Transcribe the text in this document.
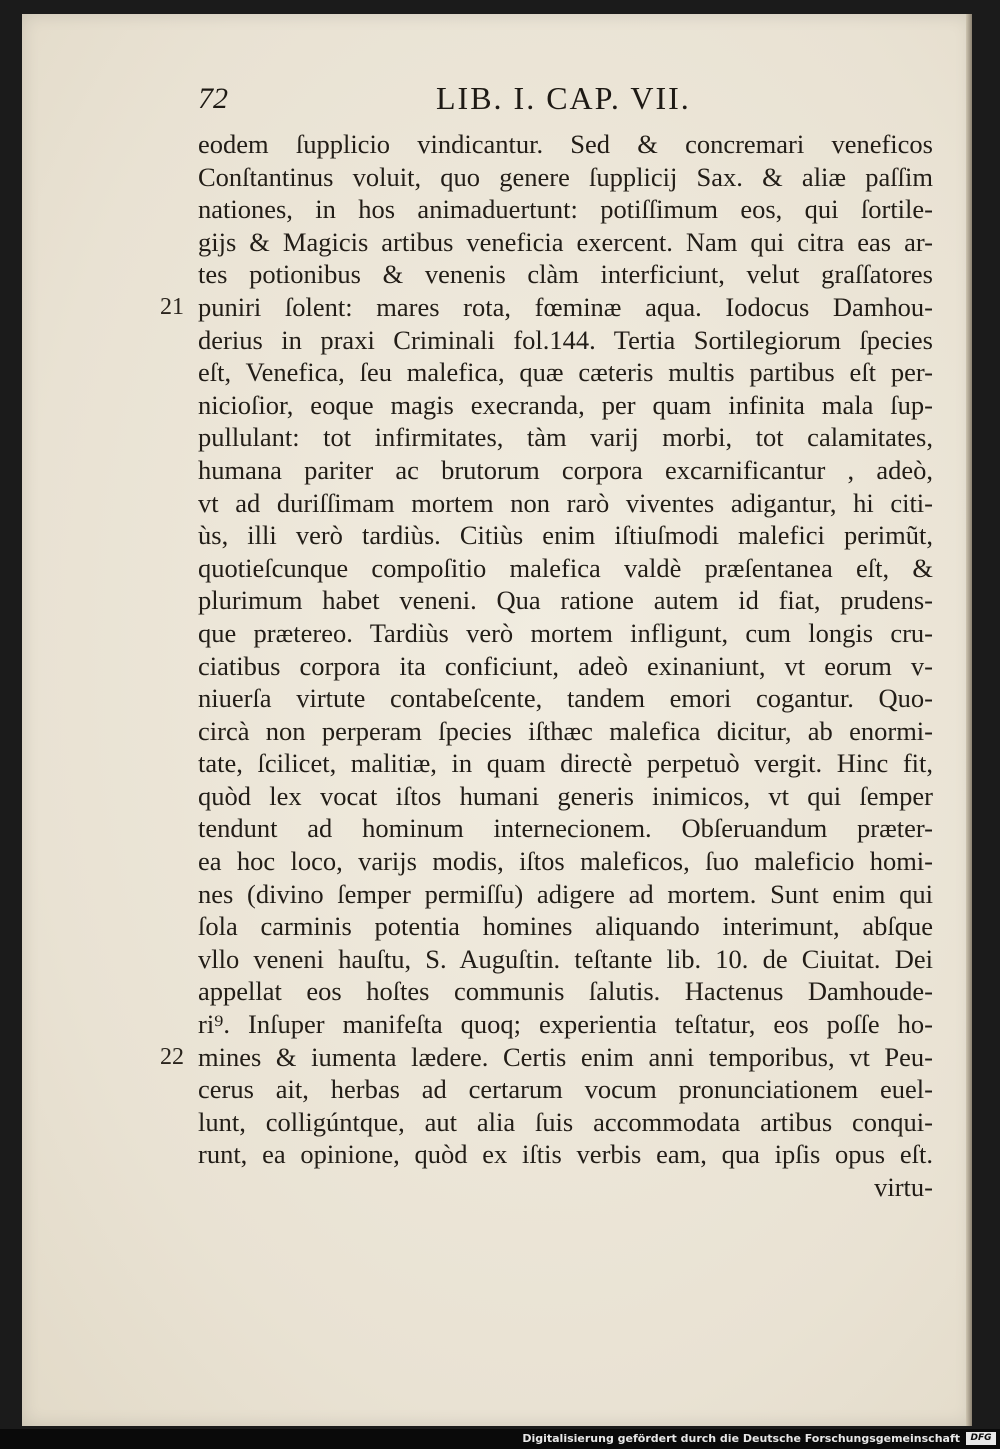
72	LIB. I. CAP. VII.
eodem ſupplicio vindicantur. Sed & concremari veneficos
Conſtantinus voluit, quo genere ſupplicij Sax. & aliæ paſſim
nationes, in hos animaduertunt: potiſſimum eos, qui ſortile-
gijs & Magicis artibus veneficia exercent. Nam qui citra eas ar-
tes potionibus & venenis clàm interficiunt, velut graſſatores
puniri ſolent: mares rota, fœminæ aqua. Iodocus Damhou-
21
derius in praxi Criminali fol.144. Tertia Sortilegiorum ſpecies
eſt, Venefica, ſeu malefica, quæ cæteris multis partibus eſt per-
nicioſior, eoque magis execranda, per quam infinita mala ſup-
pullulant: tot infirmitates, tàm varij morbi, tot calamitates,
humana pariter ac brutorum corpora excarnificantur , adeò,
vt ad duriſſimam mortem non rarò viventes adigantur, hi citi-
ùs, illi verò tardiùs. Citiùs enim iſtiuſmodi malefici perimũt,
quotieſcunque compoſitio malefica valdè præſentanea eſt, &
plurimum habet veneni. Qua ratione autem id fiat, prudens-
que prætereo. Tardiùs verò mortem infligunt, cum longis cru-
ciatibus corpora ita conficiunt, adeò exinaniunt, vt eorum v-
niuerſa virtute contabeſcente, tandem emori cogantur. Quo-
circà non perperam ſpecies iſthæc malefica dicitur, ab enormi-
tate, ſcilicet, malitiæ, in quam directè perpetuò vergit. Hinc fit,
quòd lex vocat iſtos humani generis inimicos, vt qui ſemper
tendunt ad hominum internecionem. Obſeruandum præter-
ea hoc loco, varijs modis, iſtos maleficos, ſuo maleficio homi-
nes (divino ſemper permiſſu) adigere ad mortem. Sunt enim qui
ſola carminis potentia homines aliquando interimunt, abſque
vllo veneni hauſtu, S. Auguſtin. teſtante lib. 10. de Ciuitat. Dei
appellat eos hoſtes communis ſalutis. Hactenus Damhoude-
ri⁹. Inſuper manifeſta quoq; experientia teſtatur, eos poſſe ho-
mines & iumenta lædere. Certis enim anni temporibus, vt Peu-
22
cerus ait, herbas ad certarum vocum pronunciationem euel-
lunt, colligúntque, aut alia ſuis accommodata artibus conqui-
runt, ea opinione, quòd ex iſtis verbis eam, qua ipſis opus eſt.
virtu-
Digitalisierung gefördert durch die Deutsche Forschungsgemeinschaft	DFG
